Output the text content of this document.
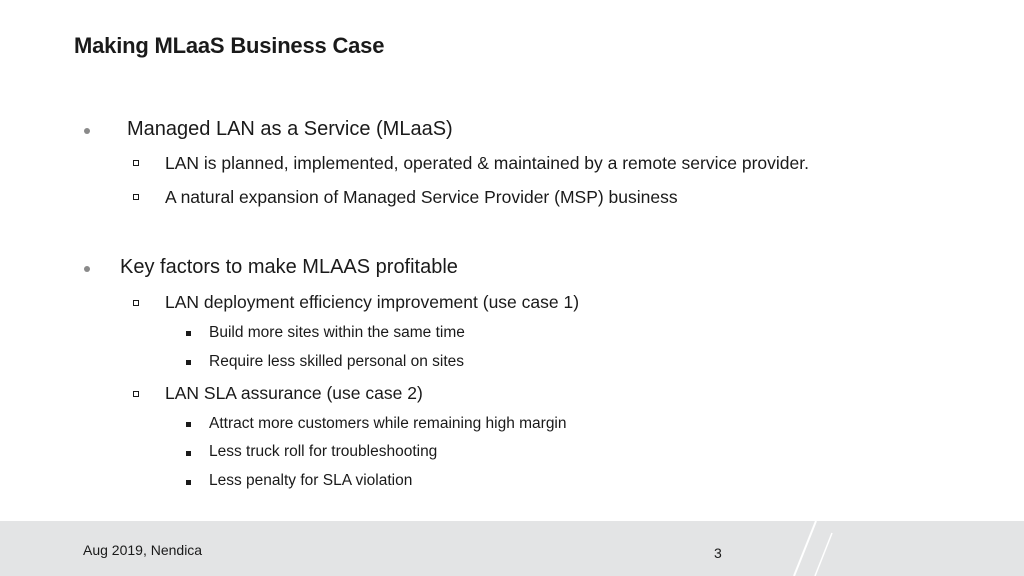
Making MLaaS Business Case
Managed LAN as a Service (MLaaS)
LAN is planned, implemented, operated & maintained by a remote service provider.
A natural expansion of Managed Service Provider (MSP) business
Key factors to make MLAAS profitable
LAN deployment efficiency improvement (use case 1)
Build more sites within the same time
Require less skilled personal on sites
LAN SLA assurance (use case 2)
Attract more customers while remaining high margin
Less truck roll for troubleshooting
Less penalty for SLA violation
Aug 2019, Nendica	3
